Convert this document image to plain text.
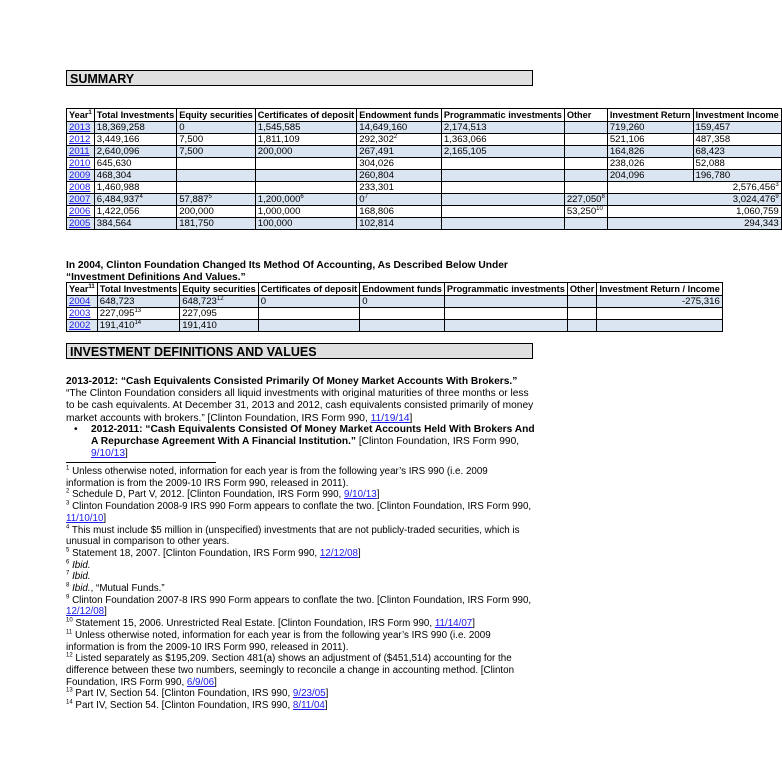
SUMMARY
Year$^1$	Total Investments	Equity securities	Certificates of deposit	Endowment funds	Programmatic investments	Other	Investment Return	Investment Income
2013	18,369,258	0	1,545,585	14,649,160	2,174,513		719,260	159,457
2012	3,449,166	7,500	1,811,109	292,302$^2$	1,363,066		521,106	487,358
2011	2,640,096	7,500	200,000	267,491	2,165,105		164,826	68,423
2010	645,630			304,026			238,026	52,088
2009	468,304			260,804			204,096	196,780
2008	1,460,988			233,301			2,576,456$^3$
2007	6,484,937$^4$	57,887$^5$	1,200,000$^6$	$0^7$		227,050$^8$	3,024,476$^9$
2006	1,422,056	200,000	1,000,000	168,806		53,250$^{10}$	1,060,759	
2005	384,564	181,750	100,000	102,814			294,343	
In 2004, Clinton Foundation Changed Its Method Of Accounting, As Described Below Under “Investment Definitions And Values.”
Year$^{11}$	Total Investments	Equity securities	Certificates of deposit	Endowment funds	Programmatic investments	Other	Investment Return / Income
2004	648,723	648,723$^{12}$	0	0			-275,316
2003	227,095$^{13}$	227,095					
2002	191,410$^{14}$	191,410					
INVESTMENT DEFINITIONS AND VALUES
2013-2012: “Cash Equivalents Consisted Primarily Of Money Market Accounts With Brokers.” “The Clinton Foundation considers all liquid investments with original maturities of three months or less to be cash equivalents. At December 31, 2013 and 2012, cash equivalents consisted primarily of money market accounts with brokers.” [Clinton Foundation, IRS Form 990, 11/19/14]
•	2012-2011: “Cash Equivalents Consisted Of Money Market Accounts Held With Brokers And A Repurchase Agreement With A Financial Institution.” [Clinton Foundation, IRS Form 990, 9/10/13]
$^1$ Unless otherwise noted, information for each year is from the following year’s IRS 990 (i.e. 2009 information is from the 2009-10 IRS Form 990, released in 2011).
$^2$ Schedule D, Part V, 2012. [Clinton Foundation, IRS Form 990, 9/10/13]
$^3$ Clinton Foundation 2008-9 IRS 990 Form appears to conflate the two. [Clinton Foundation, IRS Form 990, 11/10/10]
$^4$ This must include $5 million in (unspecified) investments that are not publicly-traded securities, which is unusual in comparison to other years.
$^5$ Statement 18, 2007. [Clinton Foundation, IRS Form 990, 12/12/08]
$^6$ Ibid.
$^7$ Ibid.
$^8$ Ibid., “Mutual Funds.”
$^9$ Clinton Foundation 2007-8 IRS 990 Form appears to conflate the two. [Clinton Foundation, IRS Form 990, 12/12/08]
$^{10}$ Statement 15, 2006. Unrestricted Real Estate. [Clinton Foundation, IRS Form 990, 11/14/07]
$^{11}$ Unless otherwise noted, information for each year is from the following year’s IRS 990 (i.e. 2009 information is from the 2009-10 IRS Form 990, released in 2011).
$^{12}$ Listed separately as $195,209. Section 481(a) shows an adjustment of ($451,514) accounting for the difference between these two numbers, seemingly to reconcile a change in accounting method. [Clinton Foundation, IRS Form 990, 6/9/06]
$^{13}$ Part IV, Section 54. [Clinton Foundation, IRS 990, 9/23/05]
$^{14}$ Part IV, Section 54. [Clinton Foundation, IRS 990, 8/11/04]
